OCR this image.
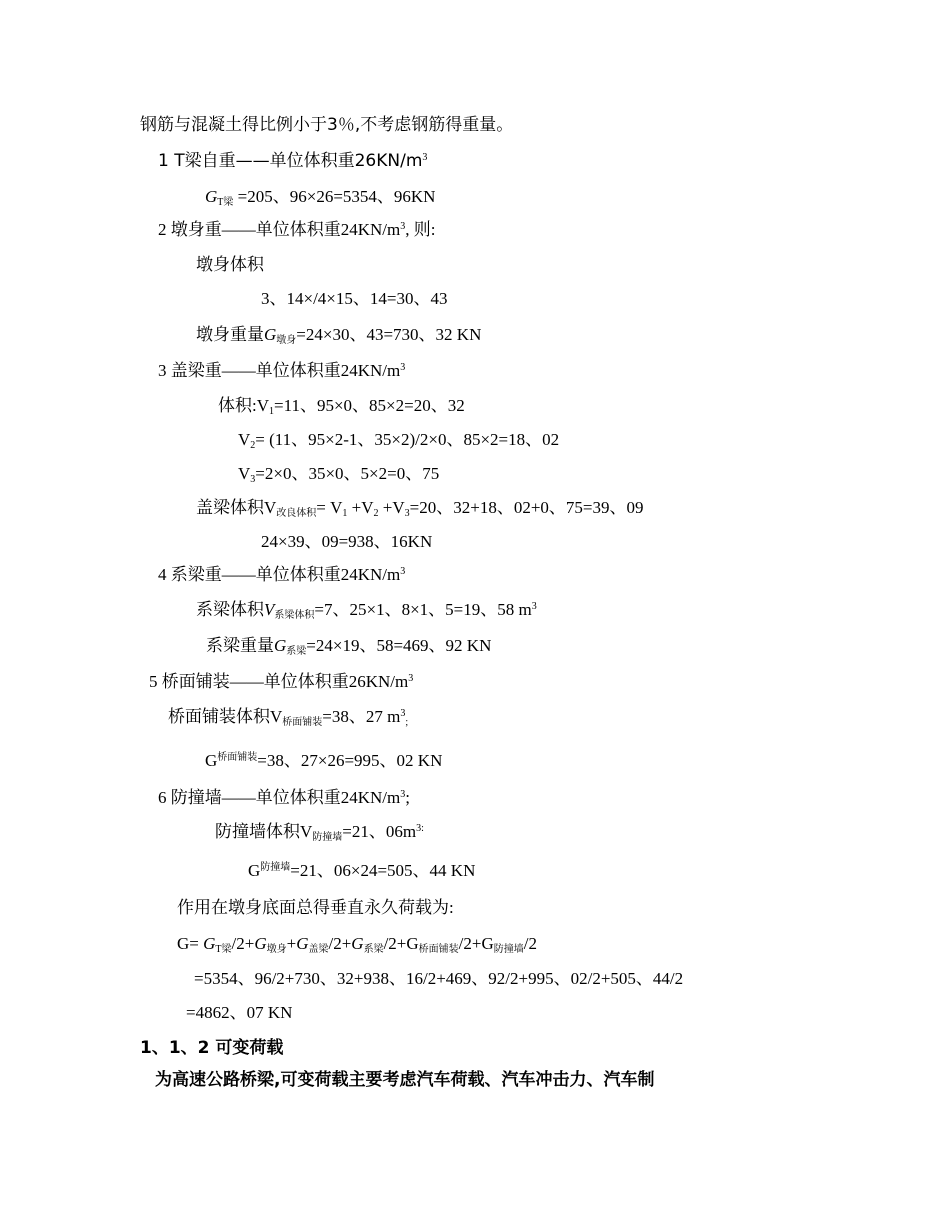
钢筋与混凝土得比例小于3％,不考虑钢筋得重量。
1 T梁自重——单位体积重$26KN/m^3$
$G_{T梁} =205$、96×26=5354、96KN
2 墩身重——单位体积重$24KN/m^3$, 则:
墩身体积
3、14×/4×15、14=30、43
墩身重量$G_{墩身}=24\times 30$、43=730、32 KN
3 盖梁重——单位体积重$24KN/m^3$
体积$:V_1=11$、95×0、85×2=20、32
$V_2= (11$、95×2-1、35×2)/2×0、85×2=18、02
$V_3=2\times 0$、35×0、5×2=0、75
盖梁体积$V_{改良体积}= V_1 +V_2 +V_3=20$、32+18、02+0、75=39、09
24×39、09=938、16KN
4 系梁重——单位体积重$24KN/m^3$
系梁体积$V_{系梁体积}=7$、25×1、8×1、5=19、58 $m^3$
系梁重量$G_{系梁}=24\times 19$、58=469、92 KN
5 桥面铺装——单位体积重$26KN/m^3$
桥面铺装体积$V_{桥面铺装}=38$、27 $m^3_;$
$G^{桥面铺装}=38$、27×26=995、02 KN
6 防撞墙——单位体积重$24KN/m^3$;
防撞墙体积$V_{防撞墙}=21$、$06m^{3:}$
$G^{防撞墙}=21$、06×24=505、44 KN
作用在墩身底面总得垂直永久荷载为:
$G= G_{T梁}/2+G_{墩身}+G_{盖梁}/2+G_{系梁}/2+G_{桥面铺装}/2+G_{防撞墙}/2$
=5354、96/2+730、32+938、16/2+469、92/2+995、02/2+505、44/2
=4862、07 KN
1、1、2 可变荷载
为高速公路桥梁,可变荷载主要考虑汽车荷载、汽车冲击力、汽车制
